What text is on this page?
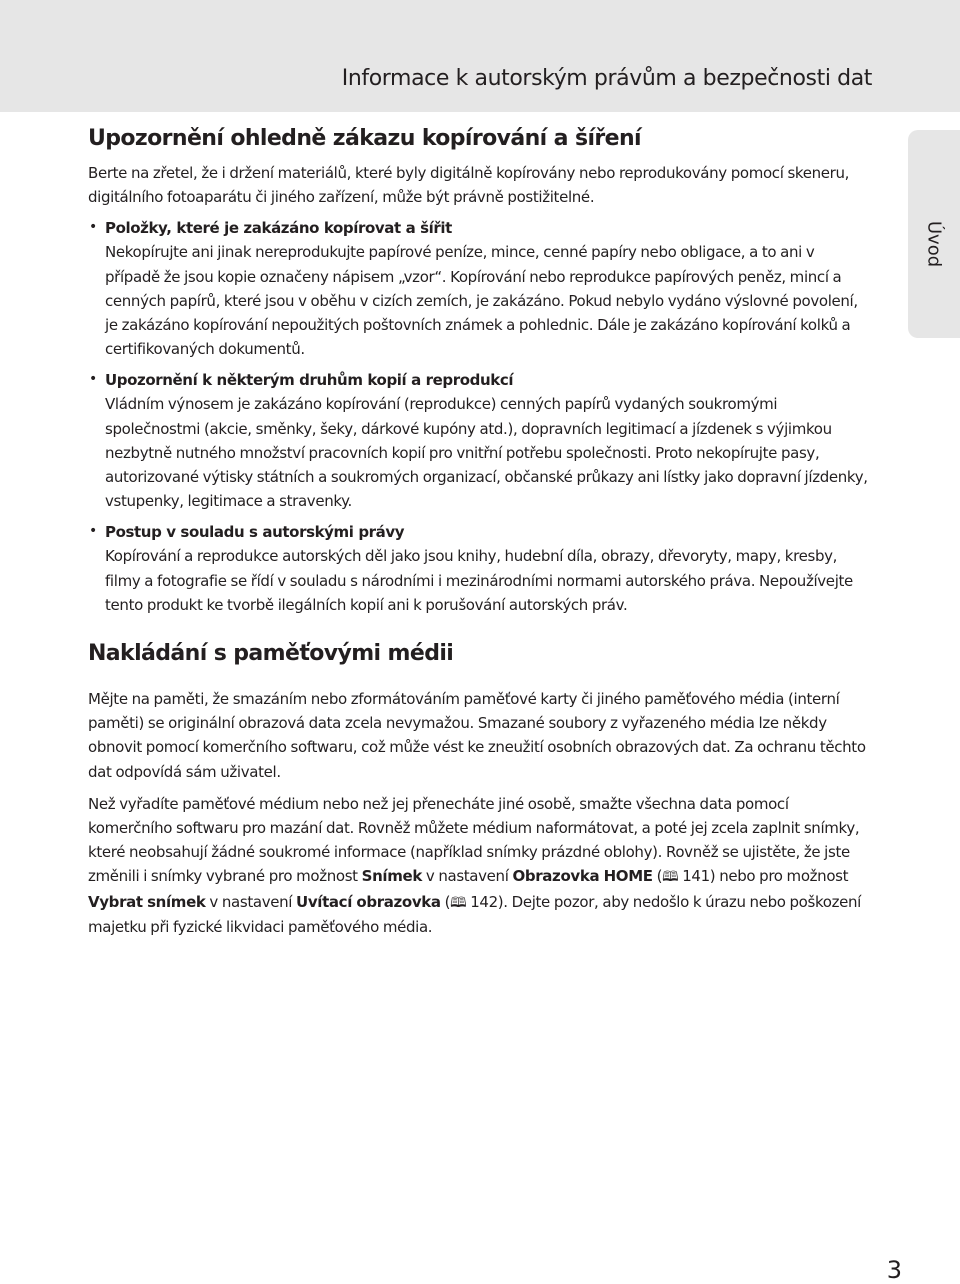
Informace k autorským právům a bezpečnosti dat
Úvod
Upozornění ohledně zákazu kopírování a šíření

Berte na zřetel, že i držení materiálů, které byly digitálně kopírovány nebo reprodukovány pomocí skeneru, digitálního fotoaparátu či jiného zařízení, může být právně postižitelné.

• Položky, které je zakázáno kopírovat a šířit

Nekopírujte ani jinak nereprodukujte papírové peníze, mince, cenné papíry nebo obligace, a to ani v případě že jsou kopie označeny nápisem „vzor“. Kopírování nebo reprodukce papírových peněz, mincí a cenných papírů, které jsou v oběhu v cizích zemích, je zakázáno. Pokud nebylo vydáno výslovné povolení, je zakázáno kopírování nepoužitých poštovních známek a pohlednic. Dále je zakázáno kopírování kolků a certifikovaných dokumentů.

• Upozornění k některým druhům kopií a reprodukcí

Vládním výnosem je zakázáno kopírování (reprodukce) cenných papírů vydaných soukromými společnostmi (akcie, směnky, šeky, dárkové kupóny atd.), dopravních legitimací a jízdenek s výjimkou nezbytně nutného množství pracovních kopií pro vnitřní potřebu společnosti. Proto nekopírujte pasy, autorizované výtisky státních a soukromých organizací, občanské průkazy ani lístky jako dopravní jízdenky, vstupenky, legitimace a stravenky.

• Postup v souladu s autorskými právy

Kopírování a reprodukce autorských děl jako jsou knihy, hudební díla, obrazy, dřevoryty, mapy, kresby, filmy a fotografie se řídí v souladu s národními i mezinárodními normami autorského práva. Nepoužívejte tento produkt ke tvorbě ilegálních kopií ani k porušování autorských práv.

Nakládání s paměťovými médii

Mějte na paměti, že smazáním nebo zformátováním paměťové karty či jiného paměťového média (interní paměti) se originální obrazová data zcela nevymažou. Smazané soubory z vyřazeného média lze někdy obnovit pomocí komerčního softwaru, což může vést ke zneužití osobních obrazových dat. Za ochranu těchto dat odpovídá sám uživatel.

Než vyřadíte paměťové médium nebo než jej přenecháte jiné osobě, smažte všechna data pomocí komerčního softwaru pro mazání dat. Rovněž můžete médium naformátovat, a poté jej zcela zaplnit snímky, které neobsahují žádné soukromé informace (například snímky prázdné oblohy). Rovněž se ujistěte, že jste změnili i snímky vybrané pro možnost Snímek v nastavení Obrazovka HOME (🕮 141) nebo pro možnost Vybrat snímek v nastavení Uvítací obrazovka (🕮 142). Dejte pozor, aby nedošlo k úrazu nebo poškození majetku při fyzické likvidaci paměťového média.

3
